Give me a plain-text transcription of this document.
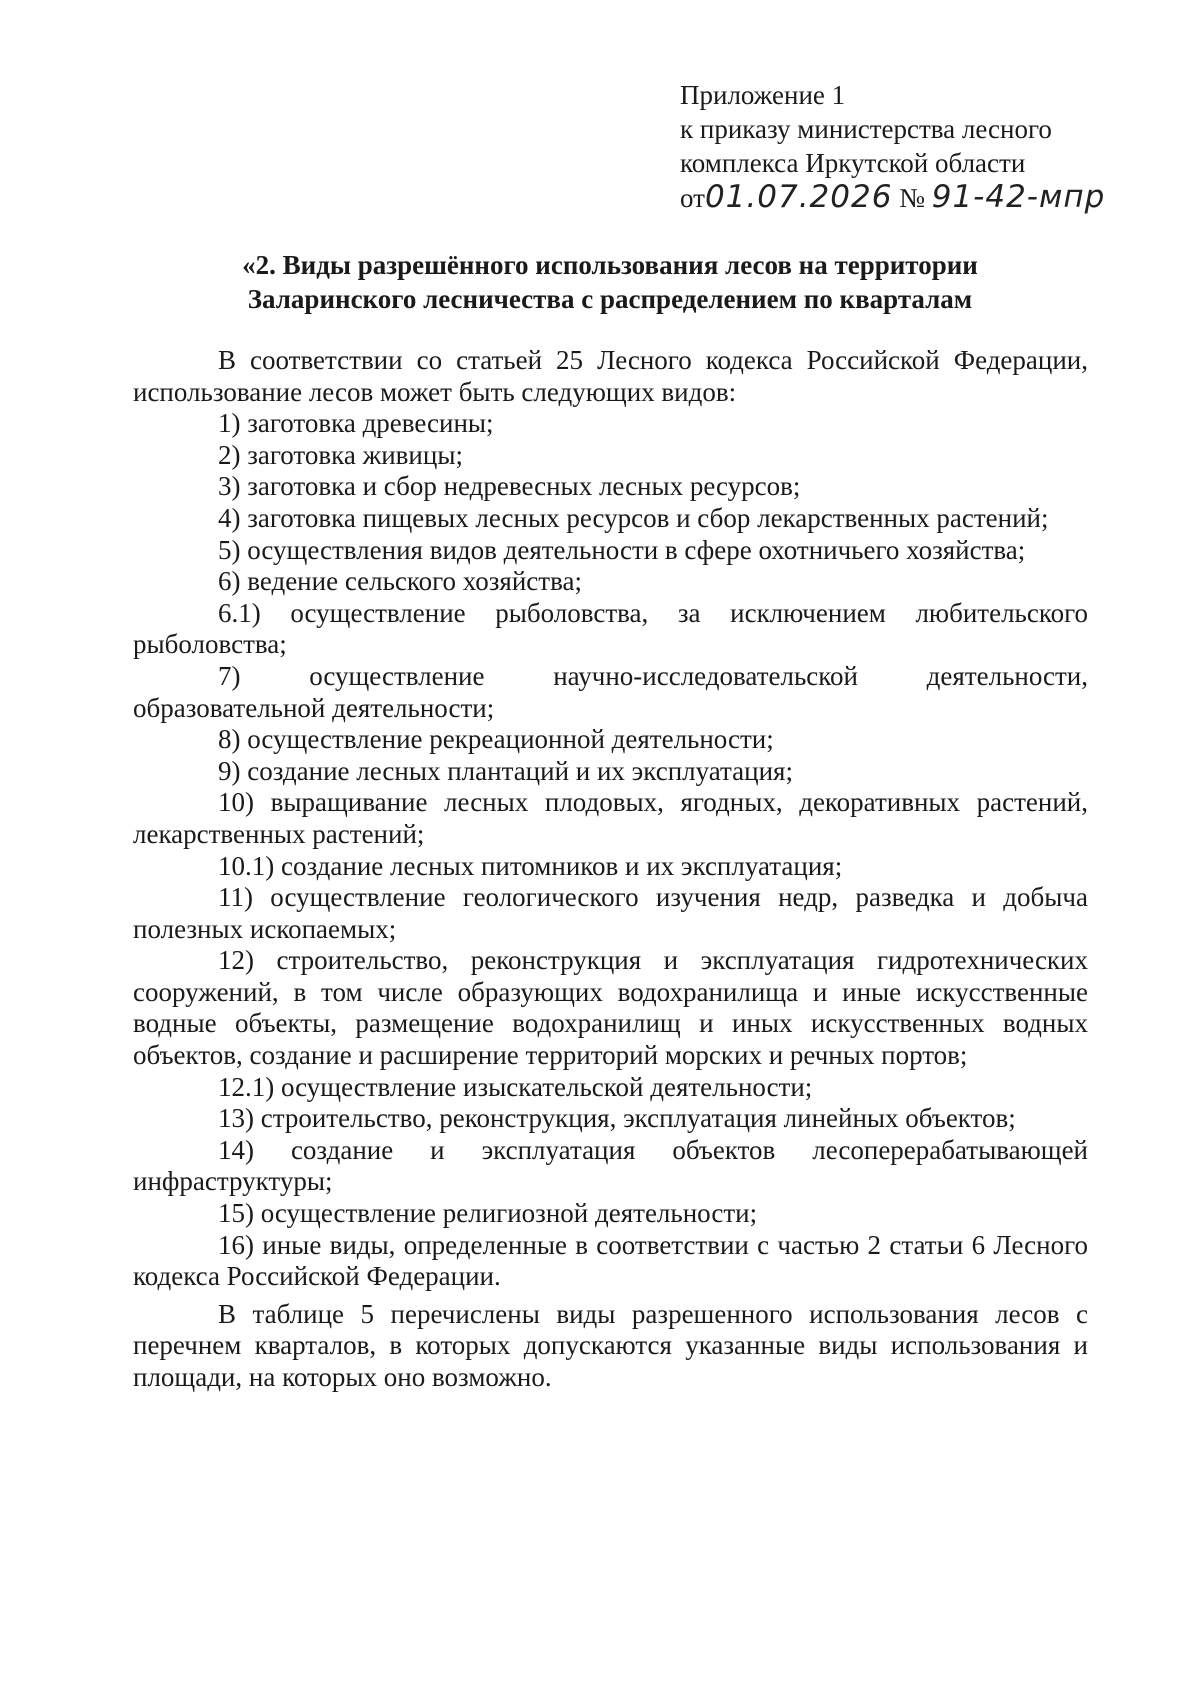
Приложение 1
к приказу министерства лесного
комплекса Иркутской области
от01.07.2026 № 91-42-мпр
«2. Виды разрешённого использования лесов на территории
Заларинского лесничества с распределением по кварталам

В соответствии со статьей 25 Лесного кодекса Российской Федерации, использование лесов может быть следующих видов:

1) заготовка древесины;

2) заготовка живицы;

3) заготовка и сбор недревесных лесных ресурсов;

4) заготовка пищевых лесных ресурсов и сбор лекарственных растений;

5) осуществления видов деятельности в сфере охотничьего хозяйства;

6) ведение сельского хозяйства;

6.1) осуществление рыболовства, за исключением любительского рыболовства;

7) осуществление научно-исследовательской деятельности, образовательной деятельности;

8) осуществление рекреационной деятельности;

9) создание лесных плантаций и их эксплуатация;

10) выращивание лесных плодовых, ягодных, декоративных растений, лекарственных растений;

10.1) создание лесных питомников и их эксплуатация;

11) осуществление геологического изучения недр, разведка и добыча полезных ископаемых;

12) строительство, реконструкция и эксплуатация гидротехнических сооружений, в том числе образующих водохранилища и иные искусственные водные объекты, размещение водохранилищ и иных искусственных водных объектов, создание и расширение территорий морских и речных портов;

12.1) осуществление изыскательской деятельности;

13) строительство, реконструкция, эксплуатация линейных объектов;

14) создание и эксплуатация объектов лесоперерабатывающей инфраструктуры;

15) осуществление религиозной деятельности;

16) иные виды, определенные в соответствии с частью 2 статьи 6 Лесного кодекса Российской Федерации.

В таблице 5 перечислены виды разрешенного использования лесов с перечнем кварталов, в которых допускаются указанные виды использования и площади, на которых оно возможно.
